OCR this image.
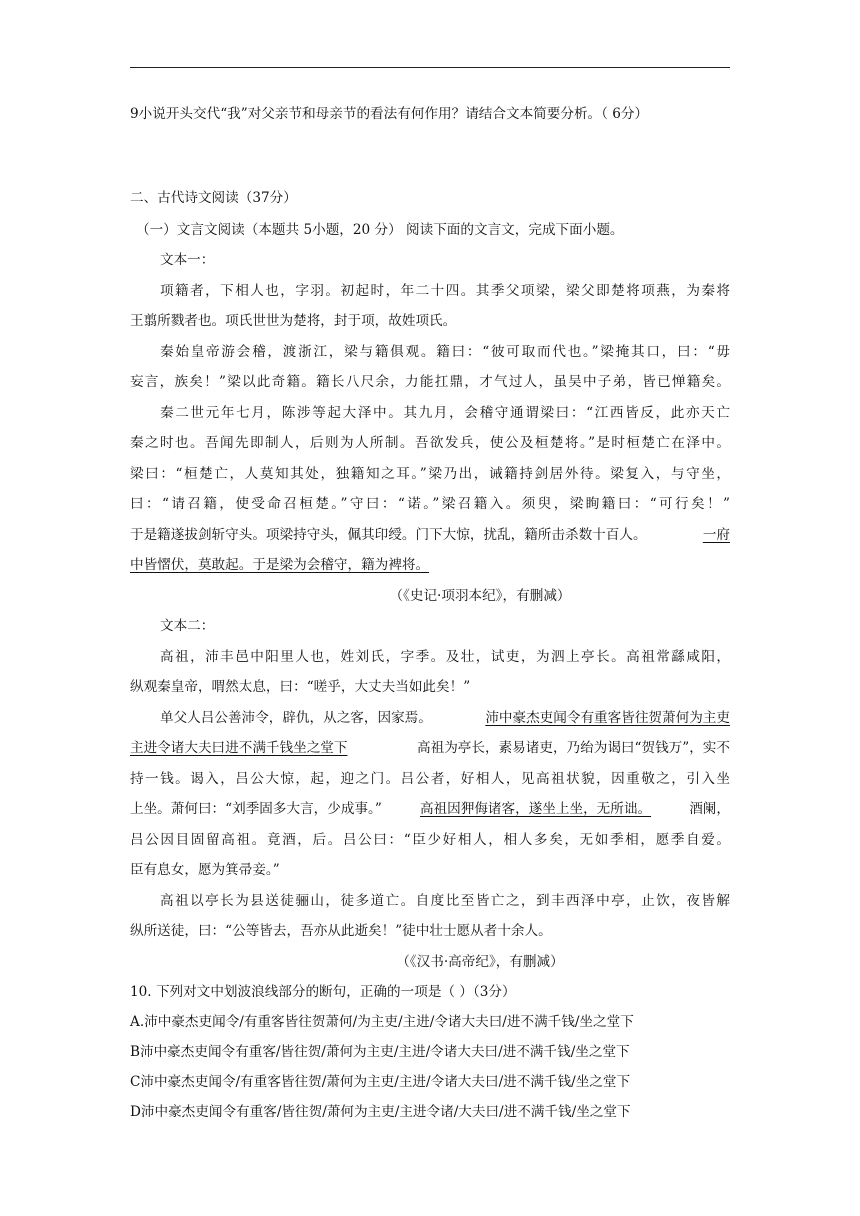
9小说开头交代“我”对父亲节和母亲节的看法有何作用？请结合文本简要分析。（ 6分）
二、古代诗文阅读（37分）
（一）文言文阅读（本题共 5小题，20 分） 阅读下面的文言文，完成下面小题。
文本一：
项籍者，下相人也，字羽。初起时，年二十四。其季父项梁，梁父即楚将项燕，为秦将
王翦所戮者也。项氏世世为楚将，封于项，故姓项氏。
秦始皇帝游会稽，渡浙江，梁与籍俱观。籍曰：“彼可取而代也。”梁掩其口，曰：“毋
妄言，族矣！”梁以此奇籍。籍长八尺余，力能扛鼎，才气过人，虽吴中子弟，皆已惮籍矣。
秦二世元年七月，陈涉等起大泽中。其九月，会稽守通谓梁曰：“江西皆反，此亦天亡
秦之时也。吾闻先即制人，后则为人所制。吾欲发兵，使公及桓楚将。”是时桓楚亡在泽中。
梁曰：“桓楚亡，人莫知其处，独籍知之耳。”梁乃出，诫籍持剑居外待。梁复入，与守坐，
曰：“请召籍，使受命召桓楚。”守曰：“诺。”梁召籍入。须臾，梁眴籍曰：“可行矣！”
于是籍遂拔剑斩守头。项梁持守头，佩其印绶。门下大惊，扰乱，籍所击杀数十百人。	一府
中皆慴伏，莫敢起。于是梁为会稽守，籍为裨将。
（《史记·项羽本纪》，有删减）
文本二：
高祖，沛丰邑中阳里人也，姓刘氏，字季。及壮，试吏，为泗上亭长。高祖常繇咸阳，
纵观秦皇帝，喟然太息，曰：“嗟乎，大丈夫当如此矣！”
单父人吕公善沛令，辟仇，从之客，因家焉。	沛中豪杰吏闻令有重客皆往贺萧何为主吏
主进令诸大夫曰进不满千钱坐之堂下	高祖为亭长，素易诸吏，乃绐为谒曰“贺钱万”，实不
持一钱。谒入，吕公大惊，起，迎之门。吕公者，好相人，见高祖状貌，因重敬之，引入坐
上坐。萧何曰：“刘季固多大言，少成事。”	高祖因狎侮诸客，遂坐上坐，无所诎。	酒阑，
吕公因目固留高祖。竟酒，后。吕公曰：“臣少好相人，相人多矣，无如季相，愿季自爱。
臣有息女，愿为箕帚妾。”
高祖以亭长为县送徒骊山，徒多道亡。自度比至皆亡之，到丰西泽中亭，止饮，夜皆解
纵所送徒，曰：“公等皆去，吾亦从此逝矣！”徒中壮士愿从者十余人。
（《汉书·高帝纪》，有删减）
10. 下列对文中划波浪线部分的断句，正确的一项是（ ）（3分）
A.沛中豪杰吏闻令/有重客皆往贺萧何/为主吏/主进/令诸大夫曰/进不满千钱/坐之堂下
B沛中豪杰吏闻令有重客/皆往贺/萧何为主吏/主进/令诸大夫曰/进不满千钱/坐之堂下
C沛中豪杰吏闻令/有重客皆往贺/萧何为主吏/主进/令诸大夫曰/进不满千钱/坐之堂下
D沛中豪杰吏闻令有重客/皆往贺/萧何为主吏/主进令诸/大夫曰/进不满千钱/坐之堂下
